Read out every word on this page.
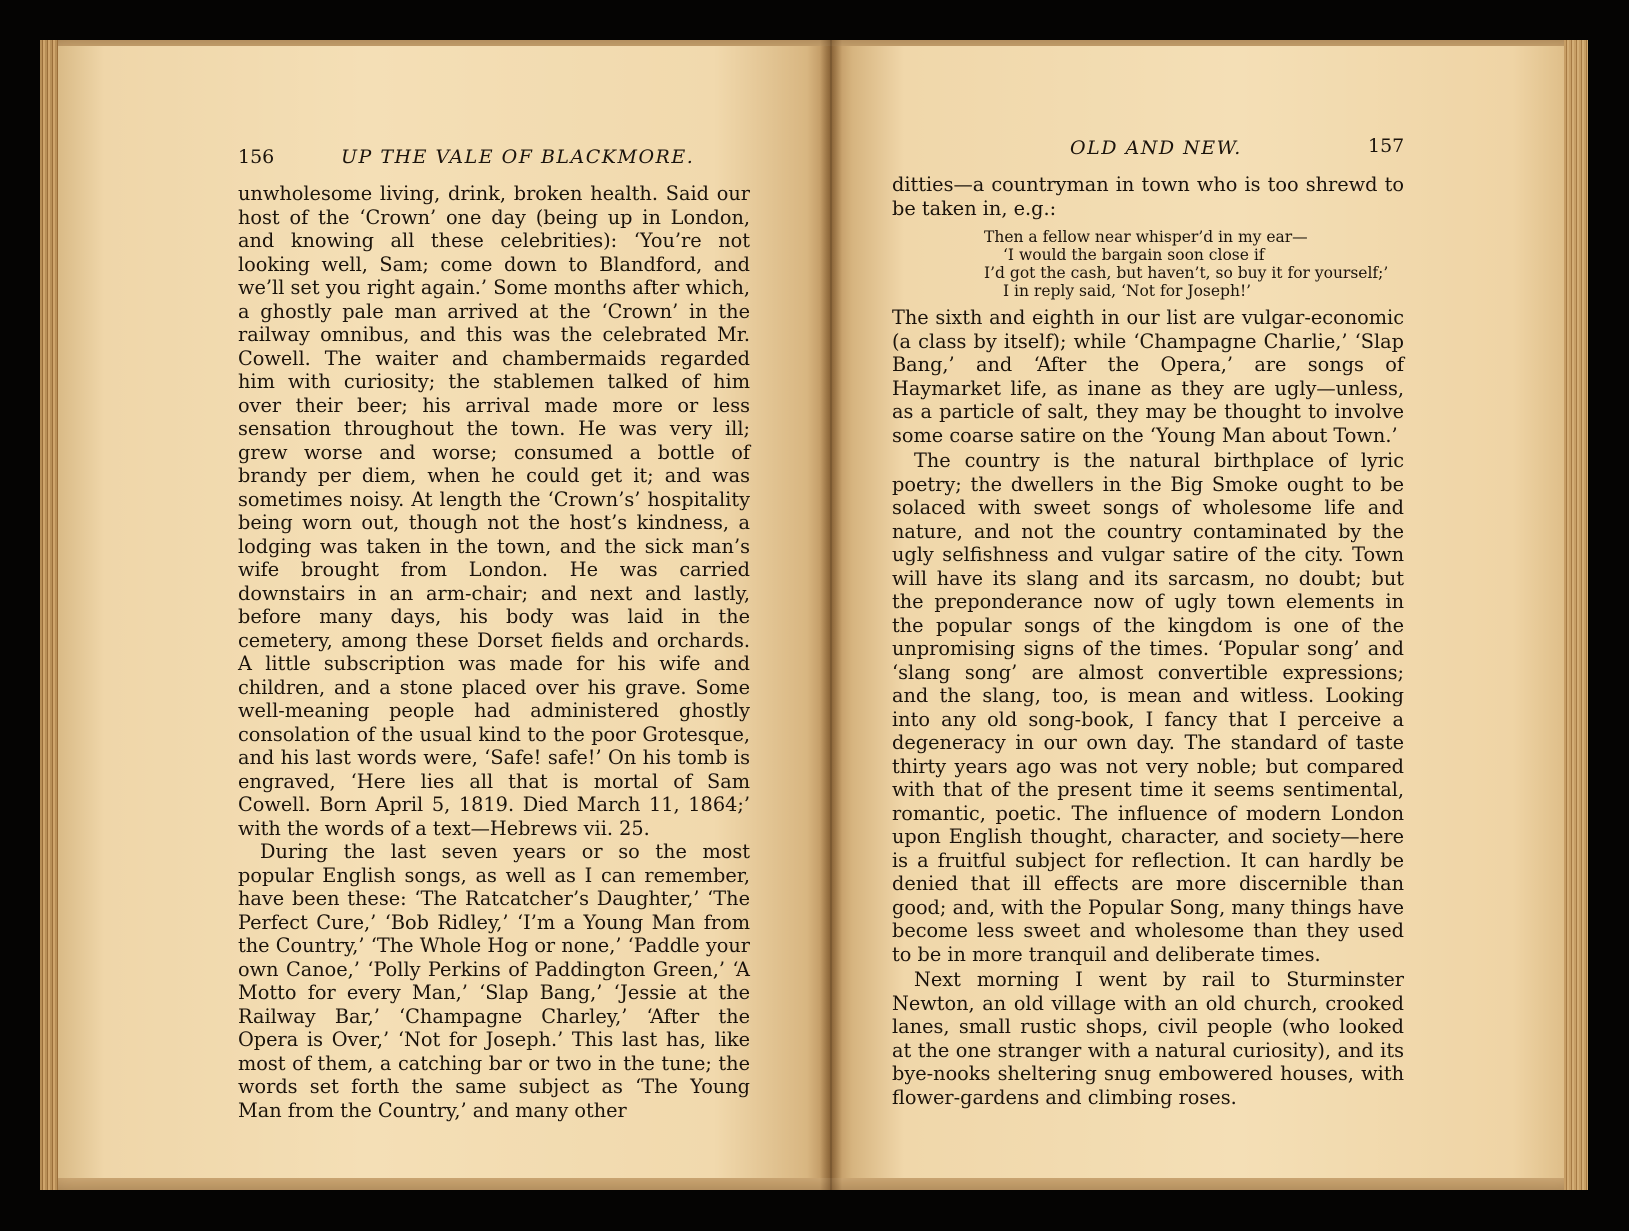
156	UP THE VALE OF BLACKMORE.

unwholesome living, drink, broken health. Said our host of the ‘Crown’ one day (being up in London, and knowing all these celebrities): ‘You’re not looking well, Sam; come down to Blandford, and we’ll set you right again.’ Some months after which, a ghostly pale man arrived at the ‘Crown’ in the railway omnibus, and this was the celebrated Mr. Cowell. The waiter and chambermaids regarded him with curiosity; the stablemen talked of him over their beer; his arrival made more or less sensation throughout the town. He was very ill; grew worse and worse; consumed a bottle of brandy per diem, when he could get it; and was sometimes noisy. At length the ‘Crown’s’ hospitality being worn out, though not the host’s kindness, a lodging was taken in the town, and the sick man’s wife brought from London. He was carried downstairs in an arm-chair; and next and lastly, before many days, his body was laid in the cemetery, among these Dorset fields and orchards. A little subscription was made for his wife and children, and a stone placed over his grave. Some well-meaning people had administered ghostly consolation of the usual kind to the poor Grotesque, and his last words were, ‘Safe! safe!’ On his tomb is engraved, ‘Here lies all that is mortal of Sam Cowell. Born April 5, 1819. Died March 11, 1864;’ with the words of a text—Hebrews vii. 25.

During the last seven years or so the most popular English songs, as well as I can remember, have been these: ‘The Ratcatcher’s Daughter,’ ‘The Perfect Cure,’ ‘Bob Ridley,’ ‘I’m a Young Man from the Country,’ ‘The Whole Hog or none,’ ‘Paddle your own Canoe,’ ‘Polly Perkins of Paddington Green,’ ‘A Motto for every Man,’ ‘Slap Bang,’ ‘Jessie at the Railway Bar,’ ‘Champagne Charley,’ ‘After the Opera is Over,’ ‘Not for Joseph.’ This last has, like most of them, a catching bar or two in the tune; the words set forth the same subject as ‘The Young Man from the Country,’ and many other

OLD AND NEW.	157

ditties—a countryman in town who is too shrewd to be taken in, e.g.:

Then a fellow near whisper’d in my ear—
‘I would the bargain soon close if
I’d got the cash, but haven’t, so buy it for yourself;’
I in reply said, ‘Not for Joseph!’

The sixth and eighth in our list are vulgar-economic (a class by itself); while ‘Champagne Charlie,’ ‘Slap Bang,’ and ‘After the Opera,’ are songs of Haymarket life, as inane as they are ugly—unless, as a particle of salt, they may be thought to involve some coarse satire on the ‘Young Man about Town.’

The country is the natural birthplace of lyric poetry; the dwellers in the Big Smoke ought to be solaced with sweet songs of wholesome life and nature, and not the country contaminated by the ugly selfishness and vulgar satire of the city. Town will have its slang and its sarcasm, no doubt; but the preponderance now of ugly town elements in the popular songs of the kingdom is one of the unpromising signs of the times. ‘Popular song’ and ‘slang song’ are almost convertible expressions; and the slang, too, is mean and witless. Looking into any old song-book, I fancy that I perceive a degeneracy in our own day. The standard of taste thirty years ago was not very noble; but compared with that of the present time it seems sentimental, romantic, poetic. The influence of modern London upon English thought, character, and society—here is a fruitful subject for reflection. It can hardly be denied that ill effects are more discernible than good; and, with the Popular Song, many things have become less sweet and wholesome than they used to be in more tranquil and deliberate times.

Next morning I went by rail to Sturminster Newton, an old village with an old church, crooked lanes, small rustic shops, civil people (who looked at the one stranger with a natural curiosity), and its bye-nooks sheltering snug embowered houses, with flower-gardens and climbing roses.
